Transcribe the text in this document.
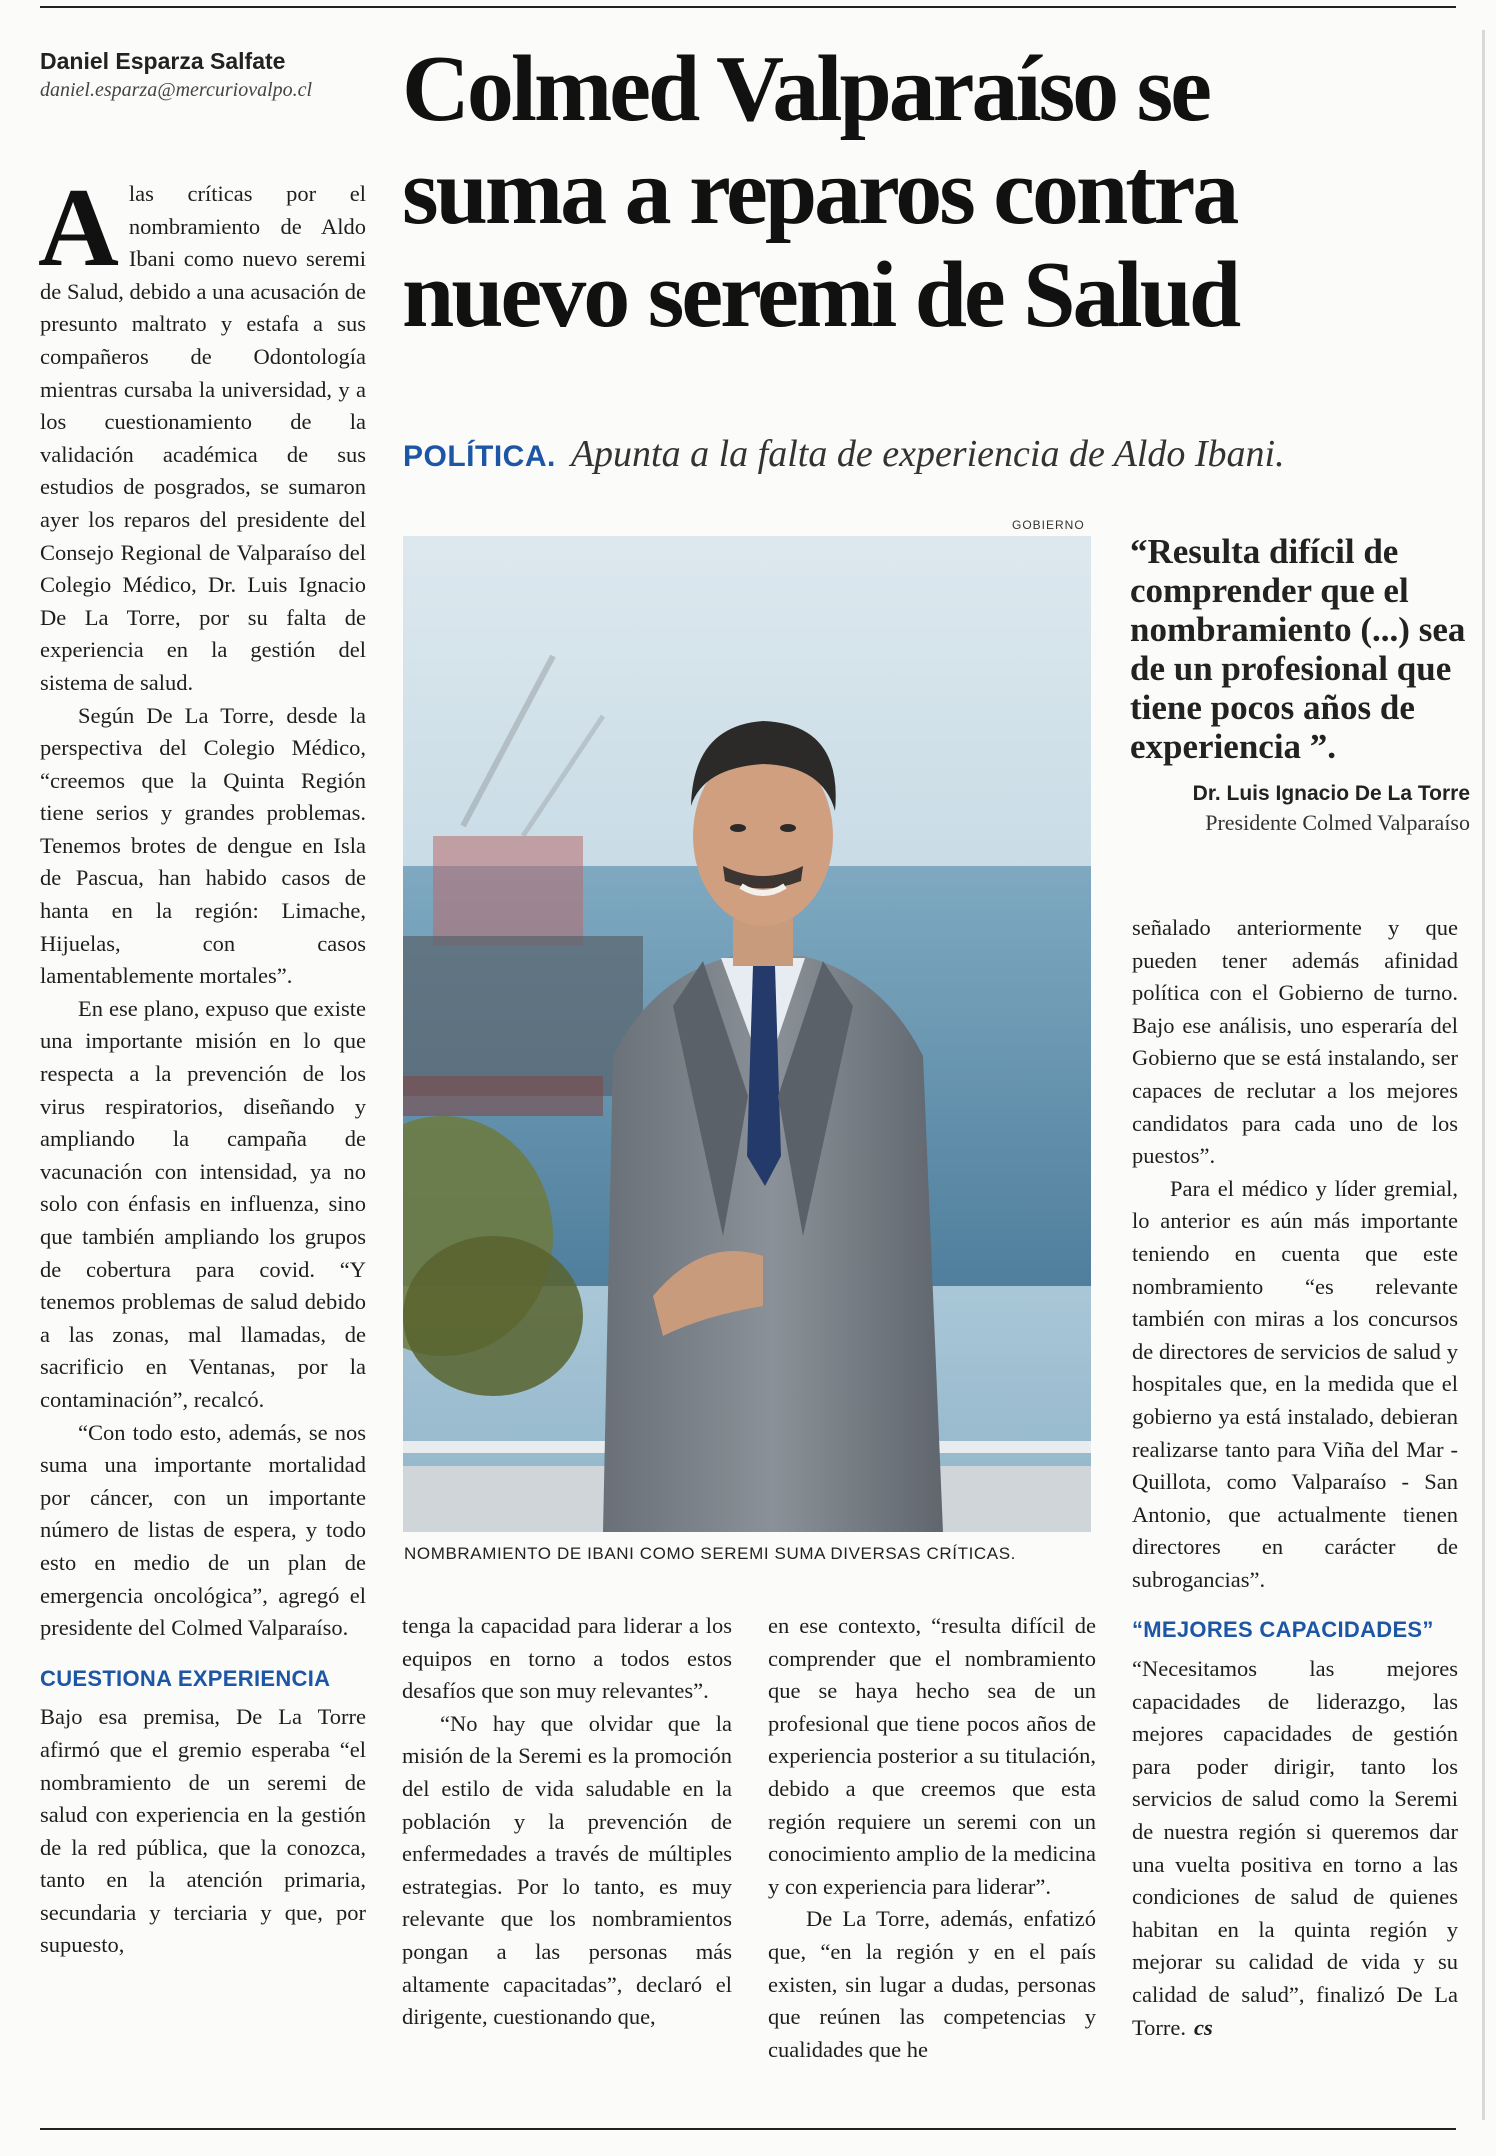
Daniel Esparza Salfate
daniel.esparza@mercuriovalpo.cl Colmed Valparaíso se
suma a reparos contra
nuevo seremi de Salud
POLÍTICA. Apunta a la falta de experiencia de Aldo Ibani.

Alas críticas por el nombramiento de Aldo Ibani como nuevo seremi de Salud, debido a una acusación de presunto maltrato y estafa a sus compañeros de Odontología mientras cursaba la universidad, y a los cuestionamiento de la validación académica de sus estudios de posgrados, se sumaron ayer los reparos del presidente del Consejo Regional de Valparaíso del Colegio Médico, Dr. Luis Ignacio De La Torre, por su falta de experiencia en la gestión del sistema de salud.

Según De La Torre, desde la perspectiva del Colegio Médico, “creemos que la Quinta Región tiene serios y grandes problemas. Tenemos brotes de dengue en Isla de Pascua, han habido casos de hanta en la región: Limache, Hijuelas, con casos lamentablemente mortales”.

En ese plano, expuso que existe una importante misión en lo que respecta a la prevención de los virus respiratorios, diseñando y ampliando la campaña de vacunación con intensidad, ya no solo con énfasis en influenza, sino que también ampliando los grupos de cobertura para covid. “Y tenemos problemas de salud debido a las zonas, mal llamadas, de sacrificio en Ventanas, por la contaminación”, recalcó.

“Con todo esto, además, se nos suma una importante mortalidad por cáncer, con un importante número de listas de espera, y todo esto en medio de un plan de emergencia oncológica”, agregó el presidente del Colmed Valparaíso.

CUESTIONA EXPERIENCIA

Bajo esa premisa, De La Torre afirmó que el gremio esperaba “el nombramiento de un seremi de salud con experiencia en la gestión de la red pública, que la conozca, tanto en la atención primaria, secundaria y terciaria y que, por supuesto,

GOBIERNO
NOMBRAMIENTO DE IBANI COMO SEREMI SUMA DIVERSAS CRÍTICAS.

“Resulta difícil de comprender que el nombramiento (...) sea de un profesional que tiene pocos años de experiencia ”.

Dr. Luis Ignacio De La Torre
Presidente Colmed Valparaíso

tenga la capacidad para liderar a los equipos en torno a todos estos desafíos que son muy relevantes”.

“No hay que olvidar que la misión de la Seremi es la promoción del estilo de vida saludable en la población y la prevención de enfermedades a través de múltiples estrategias. Por lo tanto, es muy relevante que los nombramientos pongan a las personas más altamente capacitadas”, declaró el dirigente, cuestionando que,

en ese contexto, “resulta difícil de comprender que el nombramiento que se haya hecho sea de un profesional que tiene pocos años de experiencia posterior a su titulación, debido a que creemos que esta región requiere un seremi con un conocimiento amplio de la medicina y con experiencia para liderar”.

De La Torre, además, enfatizó que, “en la región y en el país existen, sin lugar a dudas, personas que reúnen las competencias y cualidades que he

señalado anteriormente y que pueden tener además afinidad política con el Gobierno de turno. Bajo ese análisis, uno esperaría del Gobierno que se está instalando, ser capaces de reclutar a los mejores candidatos para cada uno de los puestos”.

Para el médico y líder gremial, lo anterior es aún más importante teniendo en cuenta que este nombramiento “es relevante también con miras a los concursos de directores de servicios de salud y hospitales que, en la medida que el gobierno ya está instalado, debieran realizarse tanto para Viña del Mar - Quillota, como Valparaíso - San Antonio, que actualmente tienen directores en carácter de subrogancias”.

“MEJORES CAPACIDADES”

“Necesitamos las mejores capacidades de liderazgo, las mejores capacidades de gestión para poder dirigir, tanto los servicios de salud como la Seremi de nuestra región si queremos dar una vuelta positiva en torno a las condiciones de salud de quienes habitan en la quinta región y mejorar su calidad de vida y su calidad de salud”, finalizó De La Torre. cs
